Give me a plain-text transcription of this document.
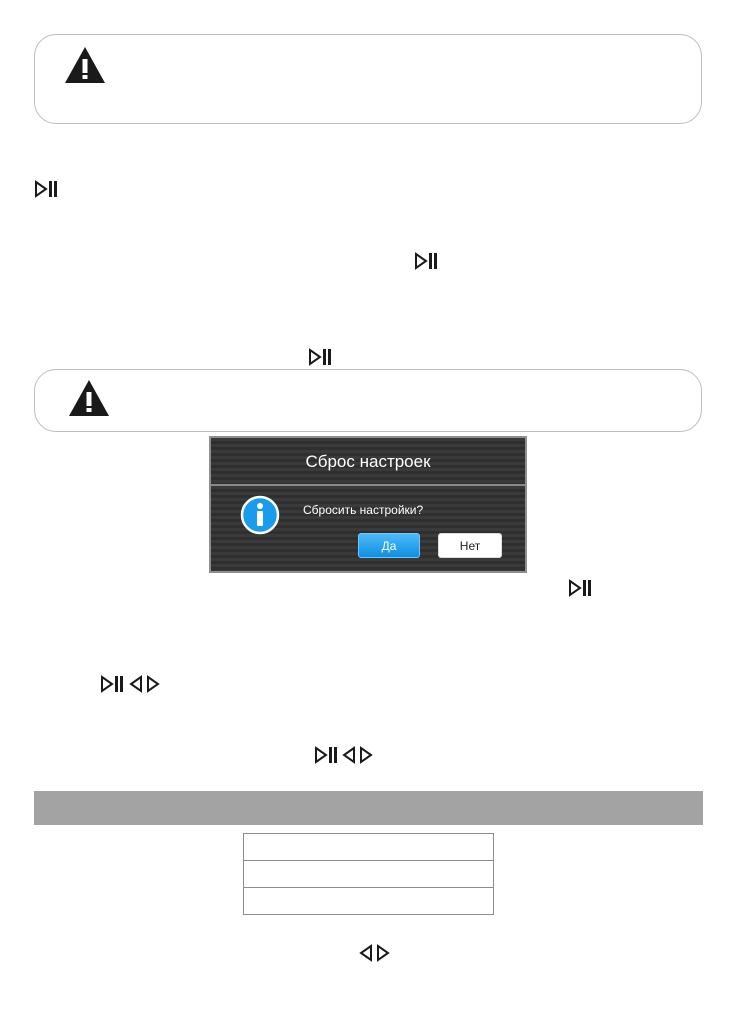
Сброс настроек
Сбросить настройки?
Да	Нет
